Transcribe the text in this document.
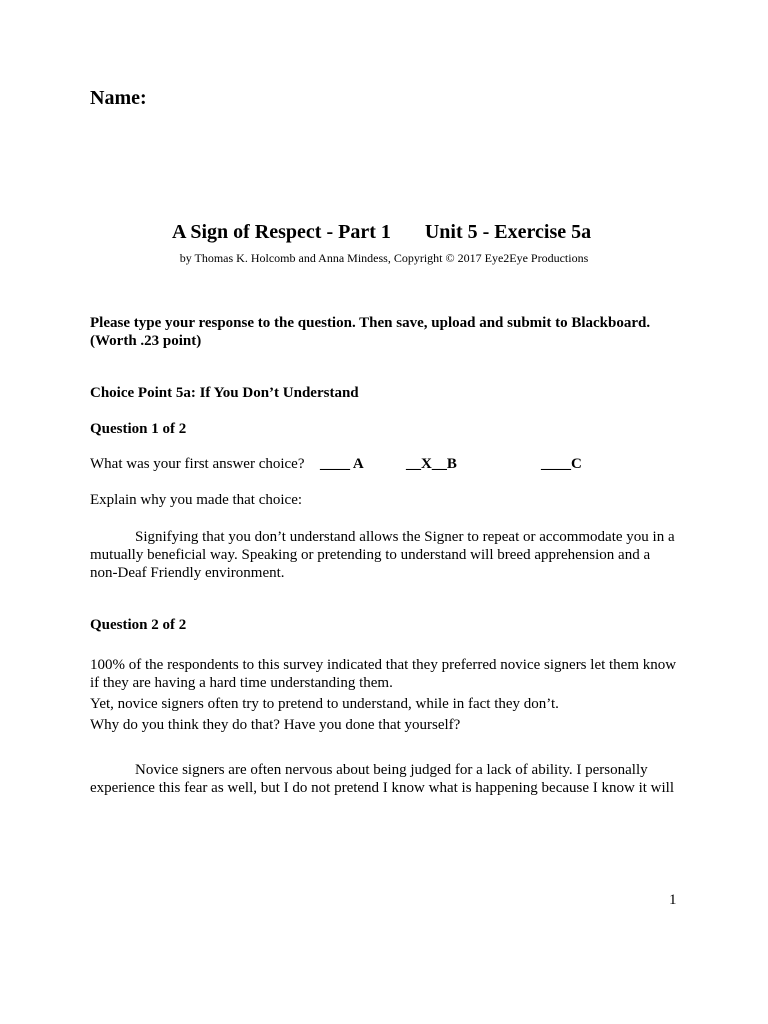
Name:
A Sign of Respect - Part 1 Unit 5 - Exercise 5a
by Thomas K. Holcomb and Anna Mindess, Copyright © 2017 Eye2Eye Productions
Please type your response to the question. Then save, upload and submit to Blackboard.
(Worth .23 point)
Choice Point 5a: If You Don’t Understand
Question 1 of 2
What was your first answer choice? ____ A	__X__B	____C
Explain why you made that choice:
Signifying that you don’t understand allows the Signer to repeat or accommodate you in a mutually beneficial way. Speaking or pretending to understand will breed apprehension and a non-Deaf Friendly environment.
Question 2 of 2

100% of the respondents to this survey indicated that they preferred novice signers let them know if they are having a hard time understanding them.

Yet, novice signers often try to pretend to understand, while in fact they don’t.

Why do you think they do that? Have you done that yourself?

Novice signers are often nervous about being judged for a lack of ability. I personally experience this fear as well, but I do not pretend I know what is happening because I know it will
1
